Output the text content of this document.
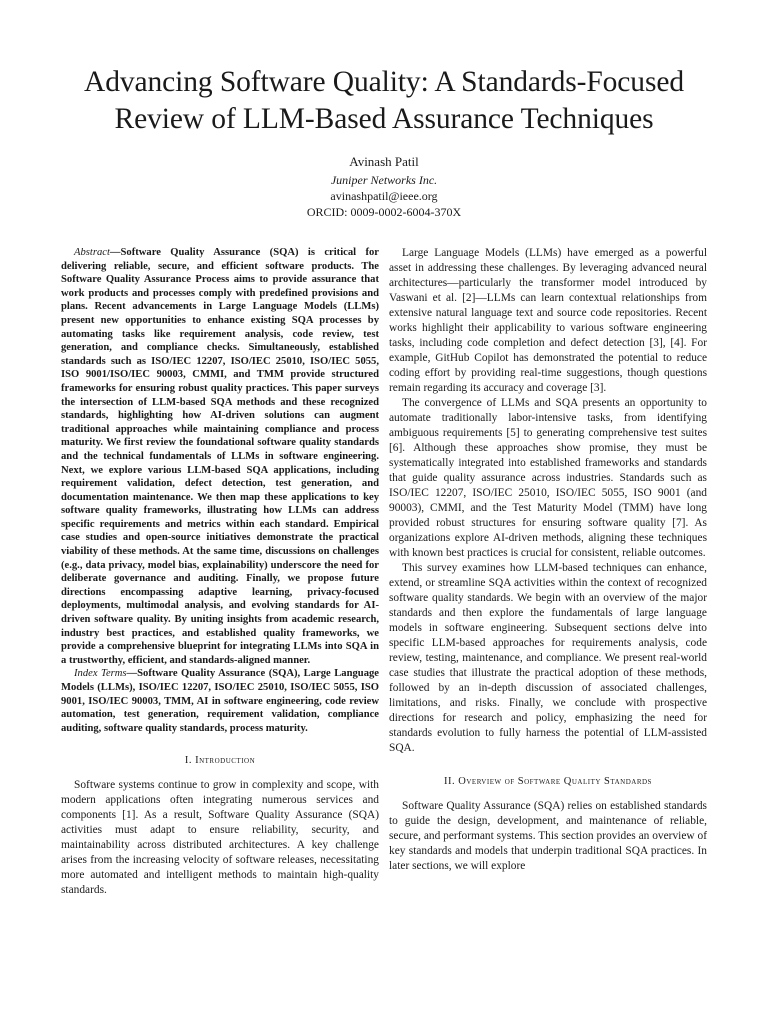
Advancing Software Quality: A Standards-Focused Review of LLM-Based Assurance Techniques
Avinash Patil
Juniper Networks Inc.
avinashpatil@ieee.org
ORCID: 0009-0002-6004-370X

Abstract—Software Quality Assurance (SQA) is critical for delivering reliable, secure, and efficient software products. The Software Quality Assurance Process aims to provide assurance that work products and processes comply with predefined provisions and plans. Recent advancements in Large Language Models (LLMs) present new opportunities to enhance existing SQA processes by automating tasks like requirement analysis, code review, test generation, and compliance checks. Simultaneously, established standards such as ISO/IEC 12207, ISO/IEC 25010, ISO/IEC 5055, ISO 9001/ISO/IEC 90003, CMMI, and TMM provide structured frameworks for ensuring robust quality practices. This paper surveys the intersection of LLM-based SQA methods and these recognized standards, highlighting how AI-driven solutions can augment traditional approaches while maintaining compliance and process maturity. We first review the foundational software quality standards and the technical fundamentals of LLMs in software engineering. Next, we explore various LLM-based SQA applications, including requirement validation, defect detection, test generation, and documentation maintenance. We then map these applications to key software quality frameworks, illustrating how LLMs can address specific requirements and metrics within each standard. Empirical case studies and open-source initiatives demonstrate the practical viability of these methods. At the same time, discussions on challenges (e.g., data privacy, model bias, explainability) underscore the need for deliberate governance and auditing. Finally, we propose future directions encompassing adaptive learning, privacy-focused deployments, multimodal analysis, and evolving standards for AI-driven software quality. By uniting insights from academic research, industry best practices, and established quality frameworks, we provide a comprehensive blueprint for integrating LLMs into SQA in a trustworthy, efficient, and standards-aligned manner.

Index Terms—Software Quality Assurance (SQA), Large Language Models (LLMs), ISO/IEC 12207, ISO/IEC 25010, ISO/IEC 5055, ISO 9001, ISO/IEC 90003, TMM, AI in software engineering, code review automation, test generation, requirement validation, compliance auditing, software quality standards, process maturity.

I. Introduction

Software systems continue to grow in complexity and scope, with modern applications often integrating numerous services and components [1]. As a result, Software Quality Assurance (SQA) activities must adapt to ensure reliability, security, and maintainability across distributed architectures. A key challenge arises from the increasing velocity of software releases, necessitating more automated and intelligent methods to maintain high-quality standards.

Large Language Models (LLMs) have emerged as a powerful asset in addressing these challenges. By leveraging advanced neural architectures—particularly the transformer model introduced by Vaswani et al. [2]—LLMs can learn contextual relationships from extensive natural language text and source code repositories. Recent works highlight their applicability to various software engineering tasks, including code completion and defect detection [3], [4]. For example, GitHub Copilot has demonstrated the potential to reduce coding effort by providing real-time suggestions, though questions remain regarding its accuracy and coverage [3].

The convergence of LLMs and SQA presents an opportunity to automate traditionally labor-intensive tasks, from identifying ambiguous requirements [5] to generating comprehensive test suites [6]. Although these approaches show promise, they must be systematically integrated into established frameworks and standards that guide quality assurance across industries. Standards such as ISO/IEC 12207, ISO/IEC 25010, ISO/IEC 5055, ISO 9001 (and 90003), CMMI, and the Test Maturity Model (TMM) have long provided robust structures for ensuring software quality [7]. As organizations explore AI-driven methods, aligning these techniques with known best practices is crucial for consistent, reliable outcomes.

This survey examines how LLM-based techniques can enhance, extend, or streamline SQA activities within the context of recognized software quality standards. We begin with an overview of the major standards and then explore the fundamentals of large language models in software engineering. Subsequent sections delve into specific LLM-based approaches for requirements analysis, code review, testing, maintenance, and compliance. We present real-world case studies that illustrate the practical adoption of these methods, followed by an in-depth discussion of associated challenges, limitations, and risks. Finally, we conclude with prospective directions for research and policy, emphasizing the need for standards evolution to fully harness the potential of LLM-assisted SQA.

II. Overview of Software Quality Standards

Software Quality Assurance (SQA) relies on established standards to guide the design, development, and maintenance of reliable, secure, and performant systems. This section provides an overview of key standards and models that underpin traditional SQA practices. In later sections, we will explore
